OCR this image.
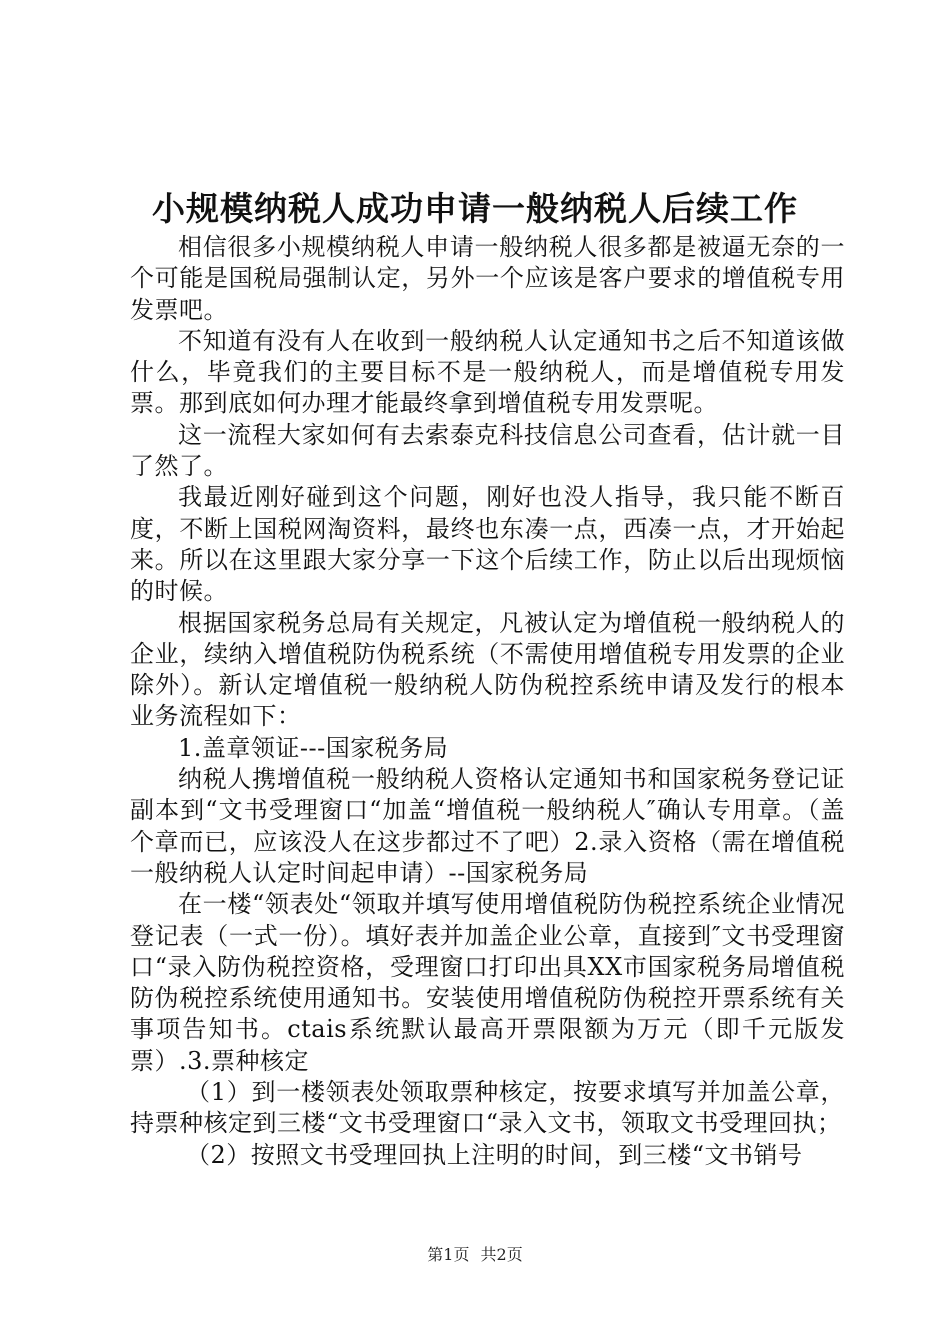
小规模纳税人成功申请一般纳税人后续工作

相信很多小规模纳税人申请一般纳税人很多都是被逼无奈的一个可能是国税局强制认定，另外一个应该是客户要求的增值税专用发票吧。

不知道有没有人在收到一般纳税人认定通知书之后不知道该做什么，毕竟我们的主要目标不是一般纳税人，而是增值税专用发票。那到底如何办理才能最终拿到增值税专用发票呢。

这一流程大家如何有去索泰克科技信息公司查看，估计就一目了然了。

我最近刚好碰到这个问题，刚好也没人指导，我只能不断百度，不断上国税网淘资料，最终也东凑一点，西凑一点，才开始起来。所以在这里跟大家分享一下这个后续工作，防止以后出现烦恼的时候。

根据国家税务总局有关规定，凡被认定为增值税一般纳税人的企业，续纳入增值税防伪税系统（不需使用增值税专用发票的企业除外）。新认定增值税一般纳税人防伪税控系统申请及发行的根本业务流程如下：

1.盖章领证---国家税务局

纳税人携增值税一般纳税人资格认定通知书和国家税务登记证副本到“文书受理窗口“加盖“增值税一般纳税人″确认专用章。（盖个章而已，应该没人在这步都过不了吧）2.录入资格（需在增值税一般纳税人认定时间起申请）--国家税务局

在一楼“领表处“领取并填写使用增值税防伪税控系统企业情况登记表（一式一份）。填好表并加盖企业公章，直接到″文书受理窗口“录入防伪税控资格，受理窗口打印出具XX市国家税务局增值税防伪税控系统使用通知书。安装使用增值税防伪税控开票系统有关事项告知书。ctais系统默认最高开票限额为万元（即千元版发票）.3.票种核定

（1）到一楼领表处领取票种核定，按要求填写并加盖公章，持票种核定到三楼“文书受理窗口“录入文书，领取文书受理回执；

（2）按照文书受理回执上注明的时间，到三楼“文书销号

第1页 共2页
